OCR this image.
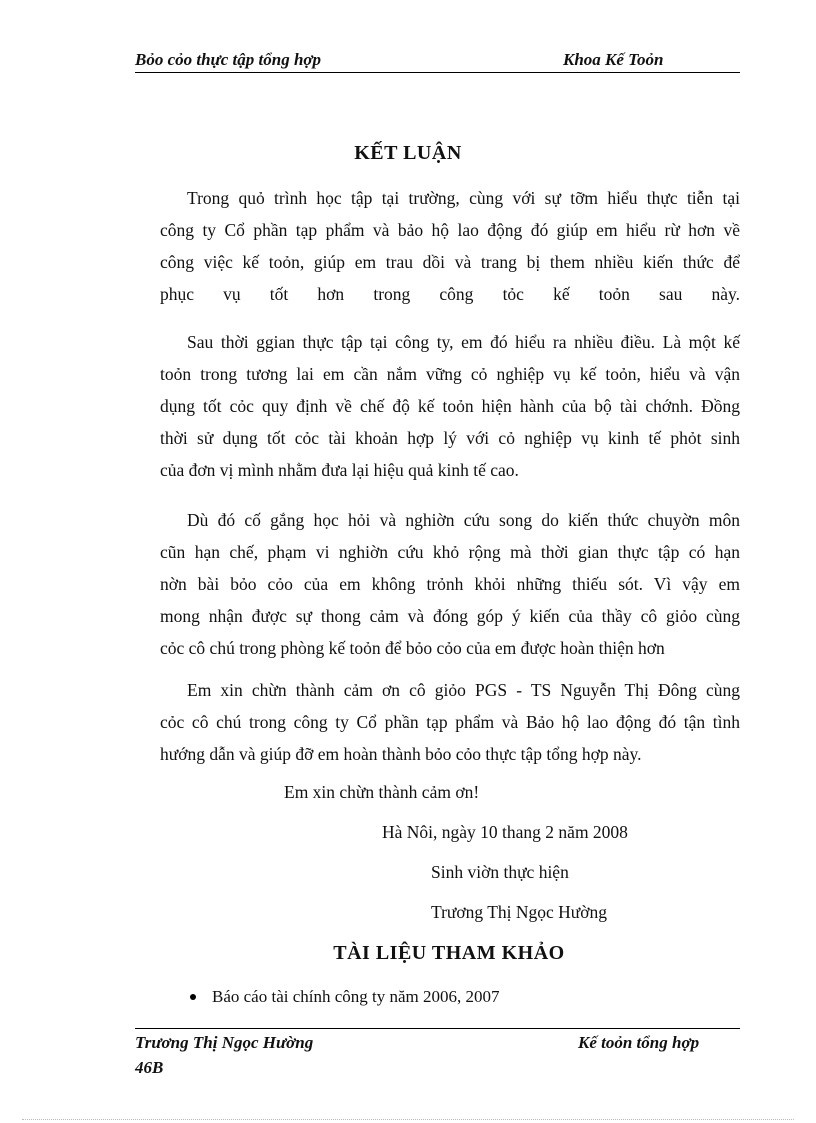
Bỏo cỏo thực tập tổng hợp	Khoa Kế Toỏn
KẾT LUẬN
Trong quỏ trình học tập tại trường, cùng với sự tỡm hiểu thực tiễn tại
công ty Cổ phần tạp phẩm và bảo hộ lao động đó giúp em hiểu rừ hơn về
công việc kế toỏn, giúp em trau dồi và trang bị them nhiều kiến thức để
phục vụ tốt hơn trong công tỏc kế toỏn sau này.
Sau thời ggian thực tập tại công ty, em đó hiểu ra nhiều điều. Là một kế
toỏn trong tương lai em cần nắm vững cỏ nghiệp vụ kế toỏn, hiểu và vận
dụng tốt cỏc quy định về chế độ kế toỏn hiện hành của bộ tài chớnh. Đồng
thời sử dụng tốt cỏc tài khoản hợp lý với cỏ nghiệp vụ kinh tế phỏt sinh
của đơn vị mình nhằm đưa lại hiệu quả kinh tế cao.
Dù đó cố gắng học hỏi và nghiờn cứu song do kiến thức chuyờn môn
cũn hạn chế, phạm vi nghiờn cứu khỏ rộng mà thời gian thực tập có hạn
nờn bài bỏo cỏo của em không trỏnh khỏi những thiếu sót. Vì vậy em
mong nhận được sự thong cảm và đóng góp ý kiến của thầy cô giỏo cùng
cỏc cô chú trong phòng kế toỏn để bỏo cỏo của em được hoàn thiện hơn
Em xin chừn thành cảm ơn cô giỏo PGS - TS Nguyễn Thị Đông cùng
cỏc cô chú trong công ty Cổ phần tạp phẩm và Bảo hộ lao động đó tận tình
hướng dẫn và giúp đỡ em hoàn thành bỏo cỏo thực tập tổng hợp này.
Em xin chừn thành cảm ơn!
Hà Nôi, ngày 10 thang 2 năm 2008
Sinh viờn thực hiện
Trương Thị Ngọc Hường
TÀI LIỆU THAM KHẢO
Báo cáo tài chính công ty năm 2006, 2007
Trương Thị Ngọc Hường
46B
Kế toỏn tổng hợp
